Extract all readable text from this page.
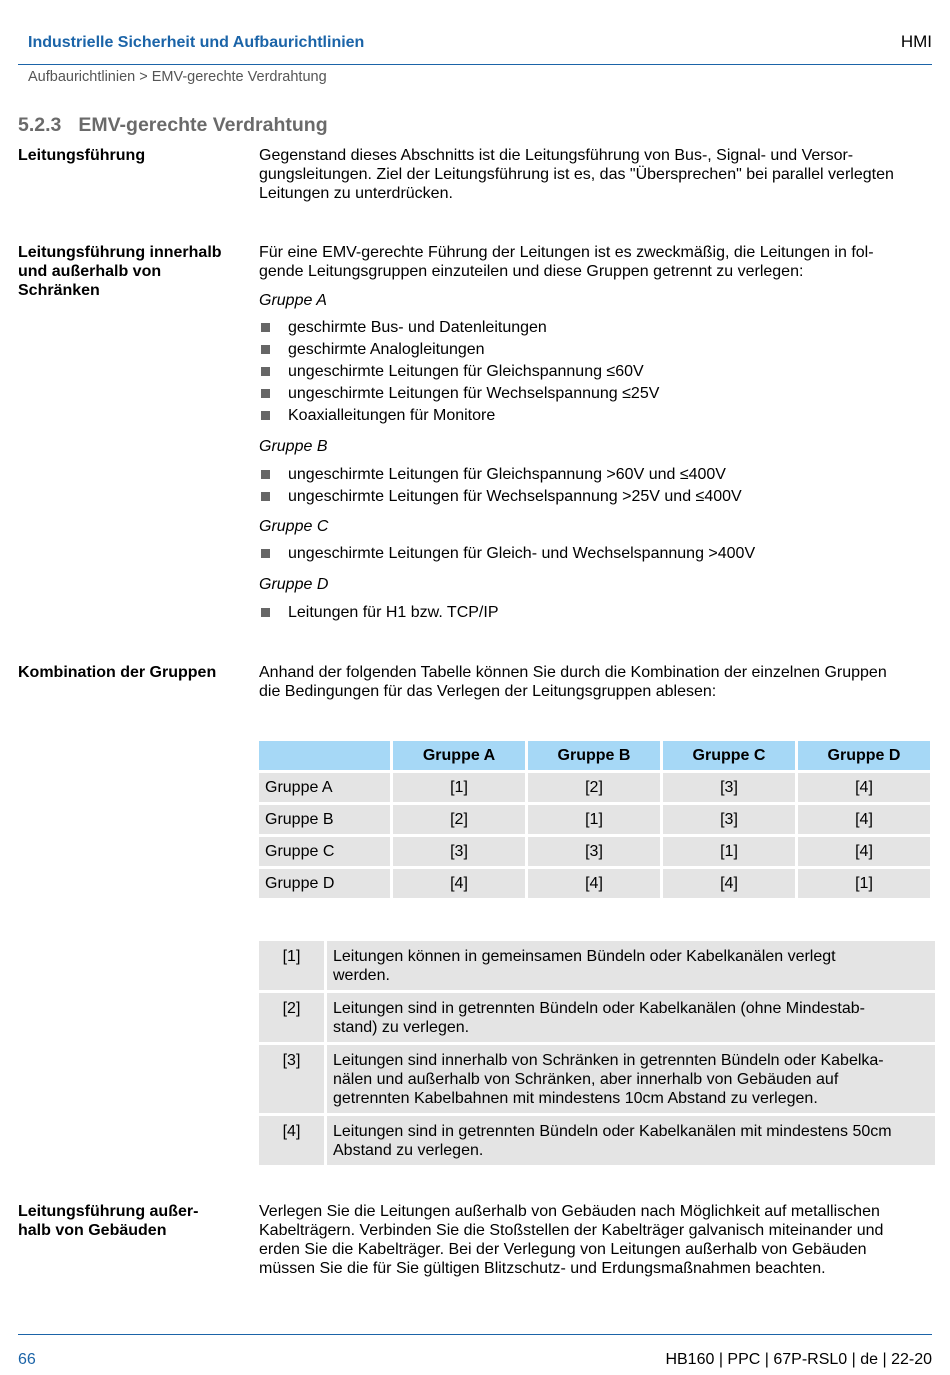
Industrielle Sicherheit und Aufbaurichtlinien	HMI
Aufbaurichtlinien > EMV-gerechte Verdrahtung
5.2.3 EMV-gerechte Verdrahtung
Leitungsführung	Gegenstand dieses Abschnitts ist die Leitungsführung von Bus-, Signal- und Versor-
gungsleitungen. Ziel der Leitungsführung ist es, das "Übersprechen" bei parallel verlegten
Leitungen zu unterdrücken.
Leitungsführung innerhalb
und außerhalb von
Schränken
Für eine EMV-gerechte Führung der Leitungen ist es zweckmäßig, die Leitungen in fol-
gende Leitungsgruppen einzuteilen und diese Gruppen getrennt zu verlegen:
Gruppe A
geschirmte Bus- und Datenleitungen
geschirmte Analogleitungen
ungeschirmte Leitungen für Gleichspannung ≤60V
ungeschirmte Leitungen für Wechselspannung ≤25V
Koaxialleitungen für Monitore
Gruppe B
ungeschirmte Leitungen für Gleichspannung >60V und ≤400V
ungeschirmte Leitungen für Wechselspannung >25V und ≤400V
Gruppe C
ungeschirmte Leitungen für Gleich- und Wechselspannung >400V
Gruppe D
Leitungen für H1 bzw. TCP/IP
Kombination der Gruppen	Anhand der folgenden Tabelle können Sie durch die Kombination der einzelnen Gruppen
die Bedingungen für das Verlegen der Leitungsgruppen ablesen:
	Gruppe A	Gruppe B	Gruppe C	Gruppe D
Gruppe A	[1]	[2]	[3]	[4]
Gruppe B	[2]	[1]	[3]	[4]
Gruppe C	[3]	[3]	[1]	[4]
Gruppe D	[4]	[4]	[4]	[1]
[1]	Leitungen können in gemeinsamen Bündeln oder Kabelkanälen verlegt
werden.

[2]	Leitungen sind in getrennten Bündeln oder Kabelkanälen (ohne Mindestab-
stand) zu verlegen.

[3]	Leitungen sind innerhalb von Schränken in getrennten Bündeln oder Kabelka-
nälen und außerhalb von Schränken, aber innerhalb von Gebäuden auf
getrennten Kabelbahnen mit mindestens 10cm Abstand zu verlegen.

[4]	Leitungen sind in getrennten Bündeln oder Kabelkanälen mit mindestens 50cm
Abstand zu verlegen.
Leitungsführung außer-
halb von Gebäuden
Verlegen Sie die Leitungen außerhalb von Gebäuden nach Möglichkeit auf metallischen
Kabelträgern. Verbinden Sie die Stoßstellen der Kabelträger galvanisch miteinander und
erden Sie die Kabelträger. Bei der Verlegung von Leitungen außerhalb von Gebäuden
müssen Sie die für Sie gültigen Blitzschutz- und Erdungsmaßnahmen beachten.
66	HB160 | PPC | 67P-RSL0 | de | 22-20
